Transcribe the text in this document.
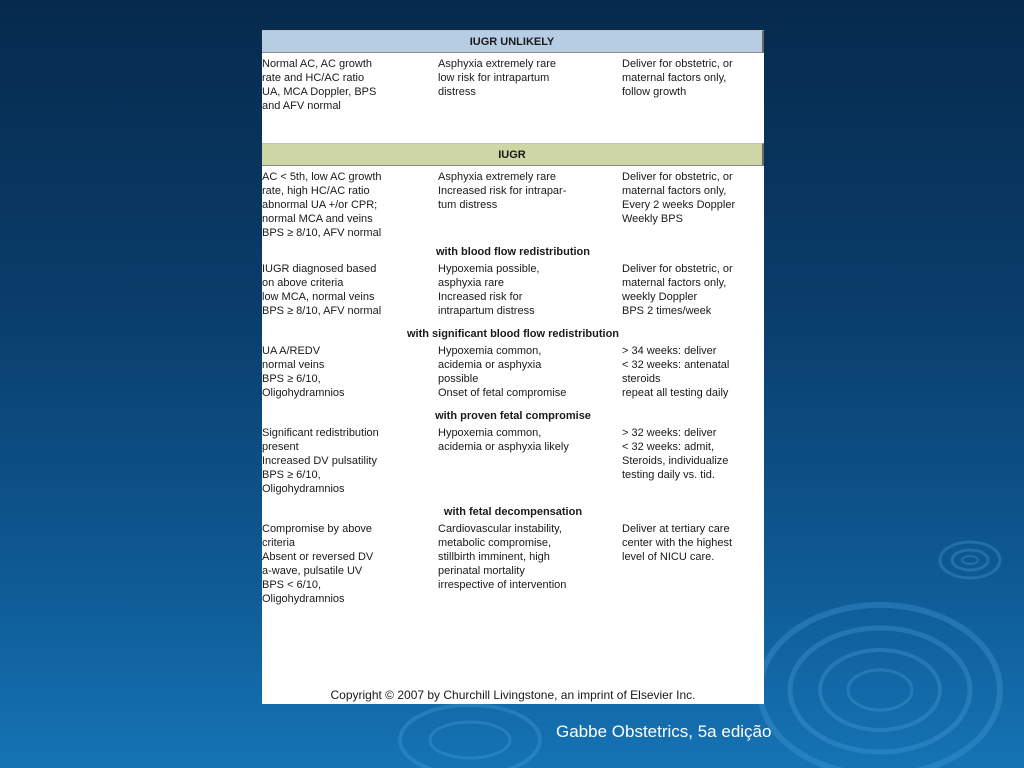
IUGR UNLIKELY
Normal AC, AC growth
rate and HC/AC ratio
UA, MCA Doppler, BPS
and AFV normal
Asphyxia extremely rare
low risk for intrapartum
distress
Deliver for obstetric, or
maternal factors only,
follow growth
IUGR
AC < 5th, low AC growth
rate, high HC/AC ratio
abnormal UA +/or CPR;
normal MCA and veins
BPS ≥ 8/10, AFV normal
Asphyxia extremely rare
Increased risk for intrapar-
tum distress
Deliver for obstetric, or
maternal factors only,
Every 2 weeks Doppler
Weekly BPS
with blood flow redistribution
IUGR diagnosed based
on above criteria
low MCA, normal veins
BPS ≥ 8/10, AFV normal
Hypoxemia possible,
asphyxia rare
Increased risk for
intrapartum distress
Deliver for obstetric, or
maternal factors only,
weekly Doppler
BPS 2 times/week
with significant blood flow redistribution
UA A/REDV
normal veins
BPS ≥ 6/10,
Oligohydramnios
Hypoxemia common,
acidemia or asphyxia
possible
Onset of fetal compromise
> 34 weeks: deliver
< 32 weeks: antenatal
steroids
repeat all testing daily
with proven fetal compromise
Significant redistribution
present
Increased DV pulsatility
BPS ≥ 6/10,
Oligohydramnios
Hypoxemia common,
acidemia or asphyxia likely
> 32 weeks: deliver
< 32 weeks: admit,
Steroids, individualize
testing daily vs. tid.
with fetal decompensation
Compromise by above
criteria
Absent or reversed DV
a-wave, pulsatile UV
BPS < 6/10,
Oligohydramnios
Cardiovascular instability,
metabolic compromise,
stillbirth imminent, high
perinatal mortality
irrespective of intervention
Deliver at tertiary care
center with the highest
level of NICU care.
Copyright © 2007 by Churchill Livingstone, an imprint of Elsevier Inc.
Gabbe Obstetrics, 5a edição
